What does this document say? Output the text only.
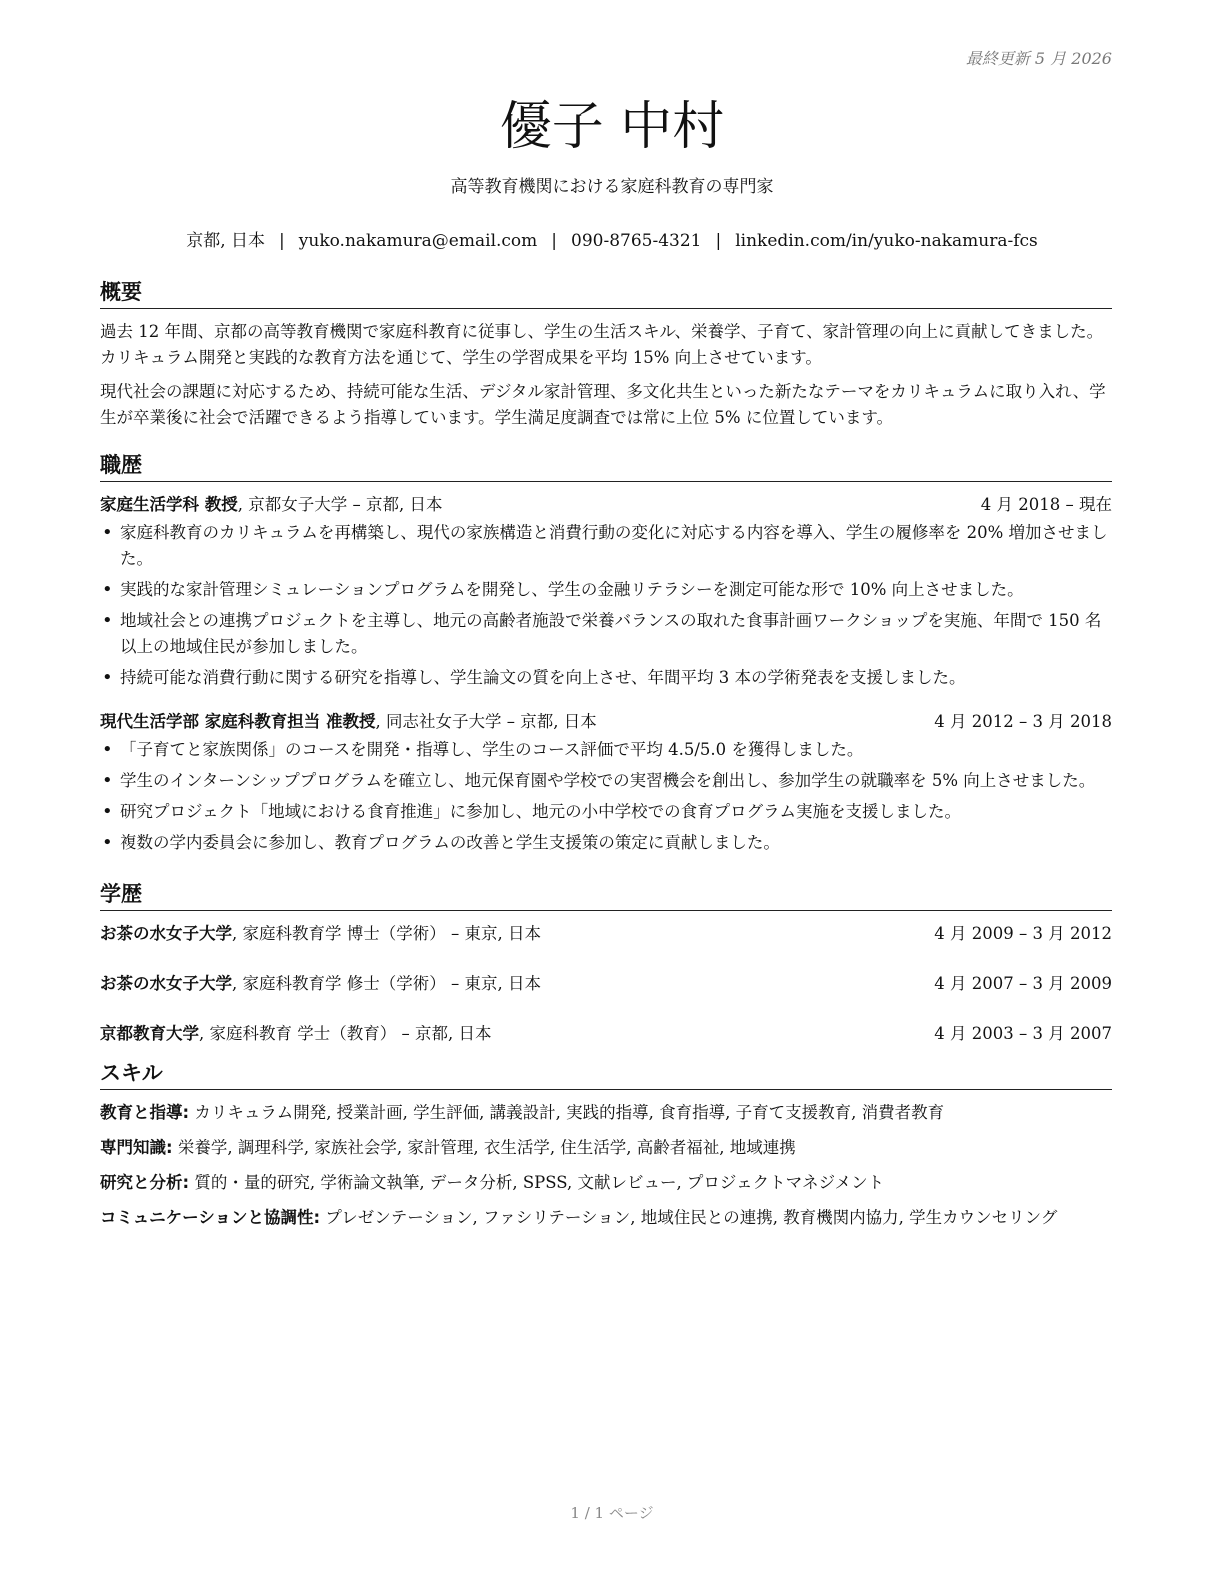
最終更新 5 月 2026
優子 中村
高等教育機関における家庭科教育の専門家
京都, 日本 | yuko.nakamura@email.com | 090-8765-4321 | linkedin.com/in/yuko-nakamura-fcs
概要

過去 12 年間、京都の高等教育機関で家庭科教育に従事し、学生の生活スキル、栄養学、子育て、家計管理の向上に貢献してきました。カリキュラム開発と実践的な教育方法を通じて、学生の学習成果を平均 15% 向上させています。

現代社会の課題に対応するため、持続可能な生活、デジタル家計管理、多文化共生といった新たなテーマをカリキュラムに取り入れ、学生が卒業後に社会で活躍できるよう指導しています。学生満足度調査では常に上位 5% に位置しています。

職歴
家庭生活学科 教授, 京都女子大学 – 京都, 日本	4 月 2018 – 現在
• 家庭科教育のカリキュラムを再構築し、現代の家族構造と消費行動の変化に対応する内容を導入、学生の履修率を 20% 増加させました。
• 実践的な家計管理シミュレーションプログラムを開発し、学生の金融リテラシーを測定可能な形で 10% 向上させました。
• 地域社会との連携プロジェクトを主導し、地元の高齢者施設で栄養バランスの取れた食事計画ワークショップを実施、年間で 150 名以上の地域住民が参加しました。
• 持続可能な消費行動に関する研究を指導し、学生論文の質を向上させ、年間平均 3 本の学術発表を支援しました。
現代生活学部 家庭科教育担当 准教授, 同志社女子大学 – 京都, 日本	4 月 2012 – 3 月 2018
• 「子育てと家族関係」のコースを開発・指導し、学生のコース評価で平均 4.5/5.0 を獲得しました。
• 学生のインターンシッププログラムを確立し、地元保育園や学校での実習機会を創出し、参加学生の就職率を 5% 向上させました。
• 研究プロジェクト「地域における食育推進」に参加し、地元の小中学校での食育プログラム実施を支援しました。
• 複数の学内委員会に参加し、教育プログラムの改善と学生支援策の策定に貢献しました。
学歴
お茶の水女子大学, 家庭科教育学 博士（学術） – 東京, 日本	4 月 2009 – 3 月 2012
お茶の水女子大学, 家庭科教育学 修士（学術） – 東京, 日本	4 月 2007 – 3 月 2009
京都教育大学, 家庭科教育 学士（教育） – 京都, 日本	4 月 2003 – 3 月 2007
スキル
教育と指導: カリキュラム開発, 授業計画, 学生評価, 講義設計, 実践的指導, 食育指導, 子育て支援教育, 消費者教育
専門知識: 栄養学, 調理科学, 家族社会学, 家計管理, 衣生活学, 住生活学, 高齢者福祉, 地域連携
研究と分析: 質的・量的研究, 学術論文執筆, データ分析, SPSS, 文献レビュー, プロジェクトマネジメント
コミュニケーションと協調性: プレゼンテーション, ファシリテーション, 地域住民との連携, 教育機関内協力, 学生カウンセリング
1 / 1 ページ
